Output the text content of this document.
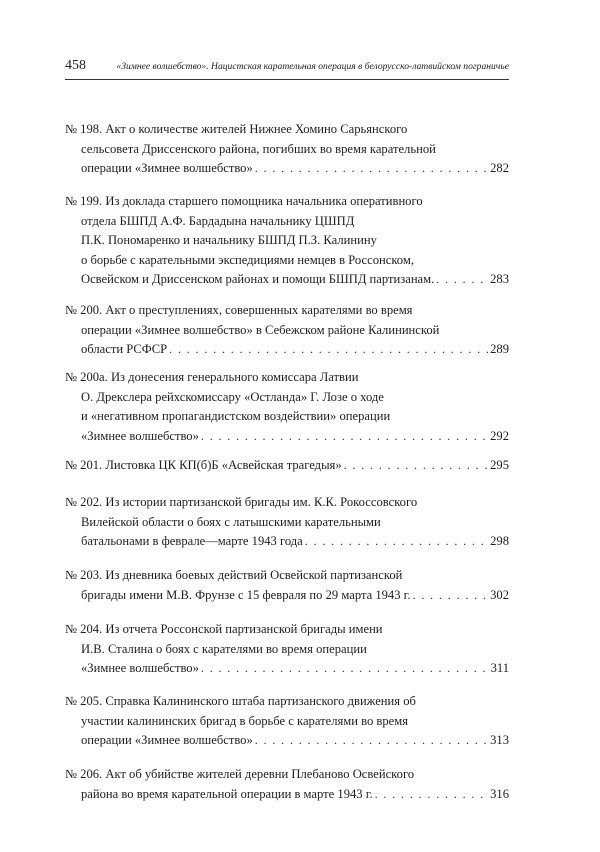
458	«Зимнее волшебство». Нацистская карательная операция в белорусско-латвийском пограничье
№ 198. Акт о количестве жителей Нижнее Хомино Сарьянского
сельсовета Дриссенского района, погибших во время карательной
операции «Зимнее волшебство» . . .	282
№ 199. Из доклада старшего помощника начальника оперативного
отдела БШПД А.Ф. Бардадына начальнику ЦШПД
П.К. Пономаренко и начальнику БШПД П.З. Калинину
о борьбе с карательными экспедициями немцев в Россонском,
Освейском и Дриссенском районах и помощи БШПД партизанам. . . .	283
№ 200. Акт о преступлениях, совершенных карателями во время
операции «Зимнее волшебство» в Себежском районе Калининской
области РСФСР . . .	289
№ 200а. Из донесения генерального комиссара Латвии
О. Дрекслера рейхскомиссару «Остланда» Г. Лозе о ходе
и «негативном пропагандистском воздействии» операции
«Зимнее волшебство» . . .	292
№ 201. Листовка ЦК КП(б)Б «Асвейская трагедыя» . . .	295
№ 202. Из истории партизанской бригады им. К.К. Рокоссовского
Вилейской области о боях с латышскими карательными
батальонами в феврале—марте 1943 года . . .	298
№ 203. Из дневника боевых действий Освейской партизанской
бригады имени М.В. Фрунзе с 15 февраля по 29 марта 1943 г. . . .	302
№ 204. Из отчета Россонской партизанской бригады имени
И.В. Сталина о боях с карателями во время операции
«Зимнее волшебство» . . .	311
№ 205. Справка Калининского штаба партизанского движения об
участии калининских бригад в борьбе с карателями во время
операции «Зимнее волшебство» . . .	313
№ 206. Акт об убийстве жителей деревни Плебаново Освейского
района во время карательной операции в марте 1943 г. . . .	316
